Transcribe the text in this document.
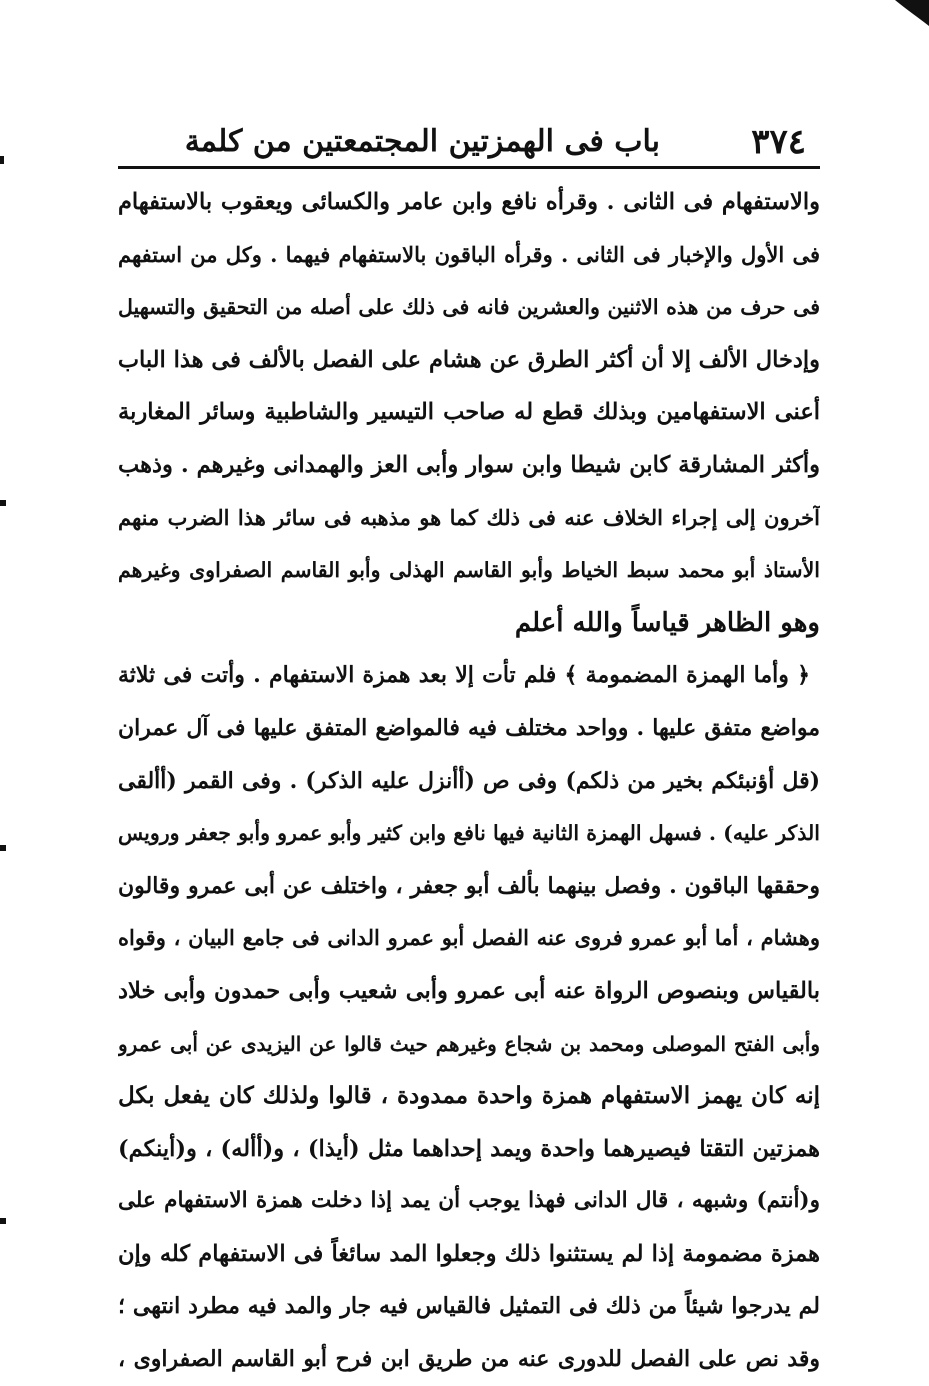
٣٧٤
باب فى الهمزتين المجتمعتين من كلمة
والاستفهام فى الثانى . وقرأه نافع وابن عامر والكسائى ويعقوب بالاستفهام
فى الأول والإخبار فى الثانى . وقرأه الباقون بالاستفهام فيهما . وكل من استفهم
فى حرف من هذه الاثنين والعشرين فانه فى ذلك على أصله من التحقيق والتسهيل
وإدخال الألف إلا أن أكثر الطرق عن هشام على الفصل بالألف فى هذا الباب
أعنى الاستفهامين وبذلك قطع له صاحب التيسير والشاطبية وسائر المغاربة
وأكثر المشارقة كابن شيطا وابن سوار وأبى العز والهمدانى وغيرهم . وذهب
آخرون إلى إجراء الخلاف عنه فى ذلك كما هو مذهبه فى سائر هذا الضرب منهم
الأستاذ أبو محمد سبط الخياط وأبو القاسم الهذلى وأبو القاسم الصفراوى وغيرهم
وهو الظاهر قياساً والله أعلم
﴿ وأما الهمزة المضمومة ﴾ فلم تأت إلا بعد همزة الاستفهام . وأتت فى ثلاثة
مواضع متفق عليها . وواحد مختلف فيه فالمواضع المتفق عليها فى آل عمران
(قل أؤنبئكم بخير من ذلكم) وفى ص (أأنزل عليه الذكر) . وفى القمر (أألقى
الذكر عليه) . فسهل الهمزة الثانية فيها نافع وابن كثير وأبو عمرو وأبو جعفر ورويس
وحققها الباقون . وفصل بينهما بألف أبو جعفر ، واختلف عن أبى عمرو وقالون
وهشام ، أما أبو عمرو فروى عنه الفصل أبو عمرو الدانى فى جامع البيان ، وقواه
بالقياس وبنصوص الرواة عنه أبى عمرو وأبى شعيب وأبى حمدون وأبى خلاد
وأبى الفتح الموصلى ومحمد بن شجاع وغيرهم حيث قالوا عن اليزيدى عن أبى عمرو
إنه كان يهمز الاستفهام همزة واحدة ممدودة ، قالوا ولذلك كان يفعل بكل
همزتين التقتا فيصيرهما واحدة ويمد إحداهما مثل (أيذا) ، و(أأله) ، و(أينكم)
و(أنتم) وشبهه ، قال الدانى فهذا يوجب أن يمد إذا دخلت همزة الاستفهام على
همزة مضمومة إذا لم يستثنوا ذلك وجعلوا المد سائغاً فى الاستفهام كله وإن
لم يدرجوا شيئاً من ذلك فى التمثيل فالقياس فيه جار والمد فيه مطرد انتهى ؛
وقد نص على الفصل للدورى عنه من طريق ابن فرح أبو القاسم الصفراوى ،
